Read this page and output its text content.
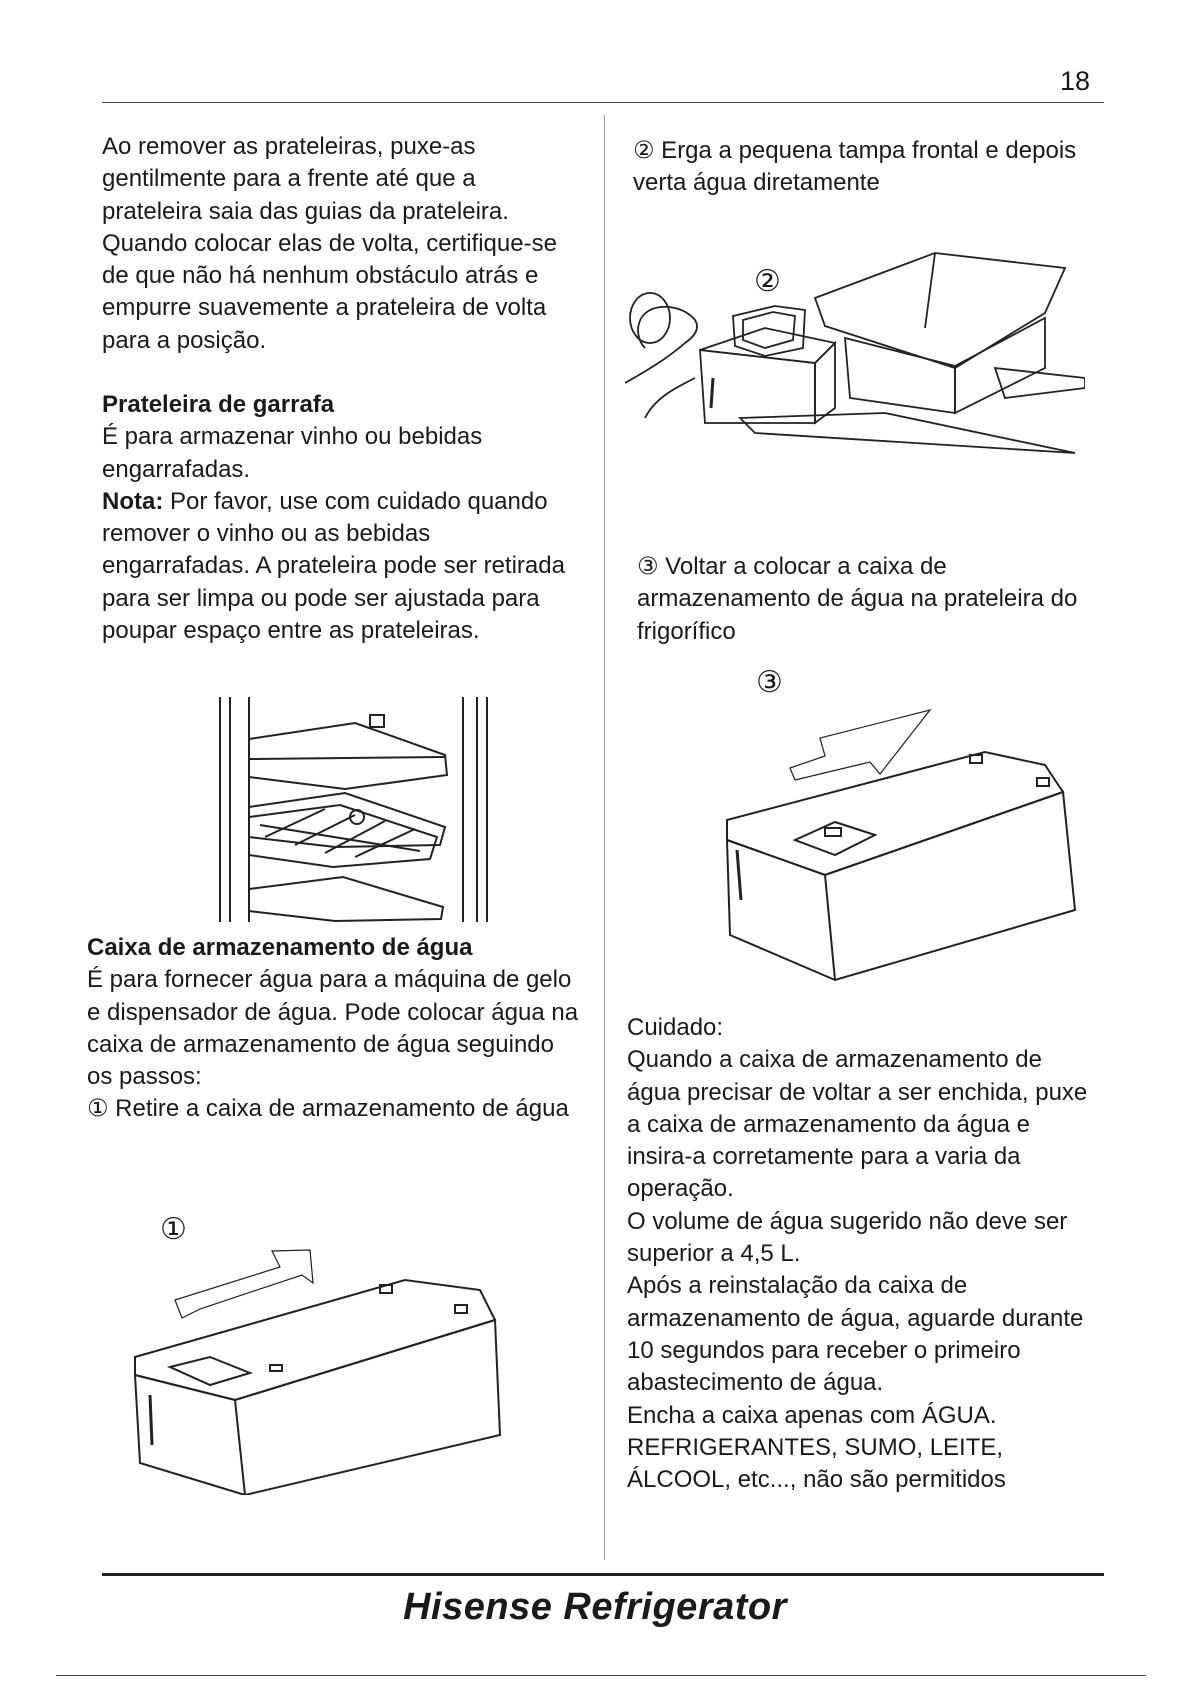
18
Ao remover as prateleiras, puxe-as gentilmente para a frente até que a prateleira saia das guias da prateleira. Quando colocar elas de volta, certifique-se de que não há nenhum obstáculo atrás e empurre suavemente a prateleira de volta para a posição.

Prateleira de garrafa

É para armazenar vinho ou bebidas engarrafadas.

Nota: Por favor, use com cuidado quando remover o vinho ou as bebidas engarrafadas. A prateleira pode ser retirada para ser limpa ou pode ser ajustada para poupar espaço entre as prateleiras.

Caixa de armazenamento de água

É para fornecer água para a máquina de gelo e dispensador de água. Pode colocar água na caixa de armazenamento de água seguindo os passos:

① Retire a caixa de armazenamento de água

①
② Erga a pequena tampa frontal e depois verta água diretamente
②
③ Voltar a colocar a caixa de armazenamento de água na prateleira do frigorífico
③

Cuidado:

Quando a caixa de armazenamento de água precisar de voltar a ser enchida, puxe a caixa de armazenamento da água e insira-a corretamente para a varia da operação.

O volume de água sugerido não deve ser superior a 4,5 L.

Após a reinstalação da caixa de armazenamento de água, aguarde durante 10 segundos para receber o primeiro abastecimento de água.

Encha a caixa apenas com ÁGUA. REFRIGERANTES, SUMO, LEITE, ÁLCOOL, etc..., não são permitidos

Hisense Refrigerator
